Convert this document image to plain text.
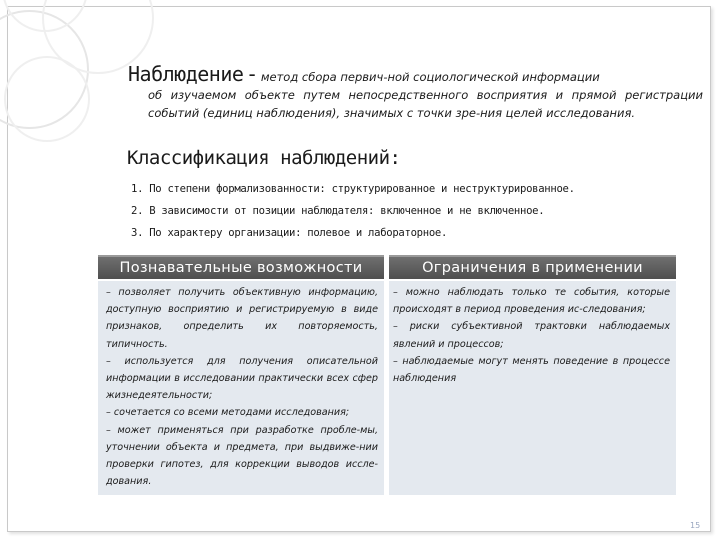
Наблюдение - метод сбора первич-ной социологической информации
об изучаемом объекте путем непосредственного восприятия и прямой регистрации событий (единиц наблюдения), значимых с точки зре-ния целей исследования.
Классификация наблюдений:
1. По степени формализованности: структурированное и неструктурированное.
2. В зависимости от позиции наблюдателя: включенное и не включенное.
3. По характеру организации: полевое и лабораторное.
Познавательные возможности

– позволяет получить объективную информацию, доступную восприятию и регистрируемую в виде признаков, определить их повторяемость, типичность.

– используется для получения описательной информации в исследовании практически всех сфер жизнедеятельности;

– сочетается со всеми методами исследования;

– может применяться при разработке пробле-мы, уточнении объекта и предмета, при выдвиже-нии проверки гипотез, для коррекции выводов иссле-дования.

Ограничения в применении

– можно наблюдать только те события, которые происходят в период проведения ис-следования;

– риски субъективной трактовки наблюдаемых явлений и процессов;

– наблюдаемые могут менять поведение в процессе наблюдения

15
